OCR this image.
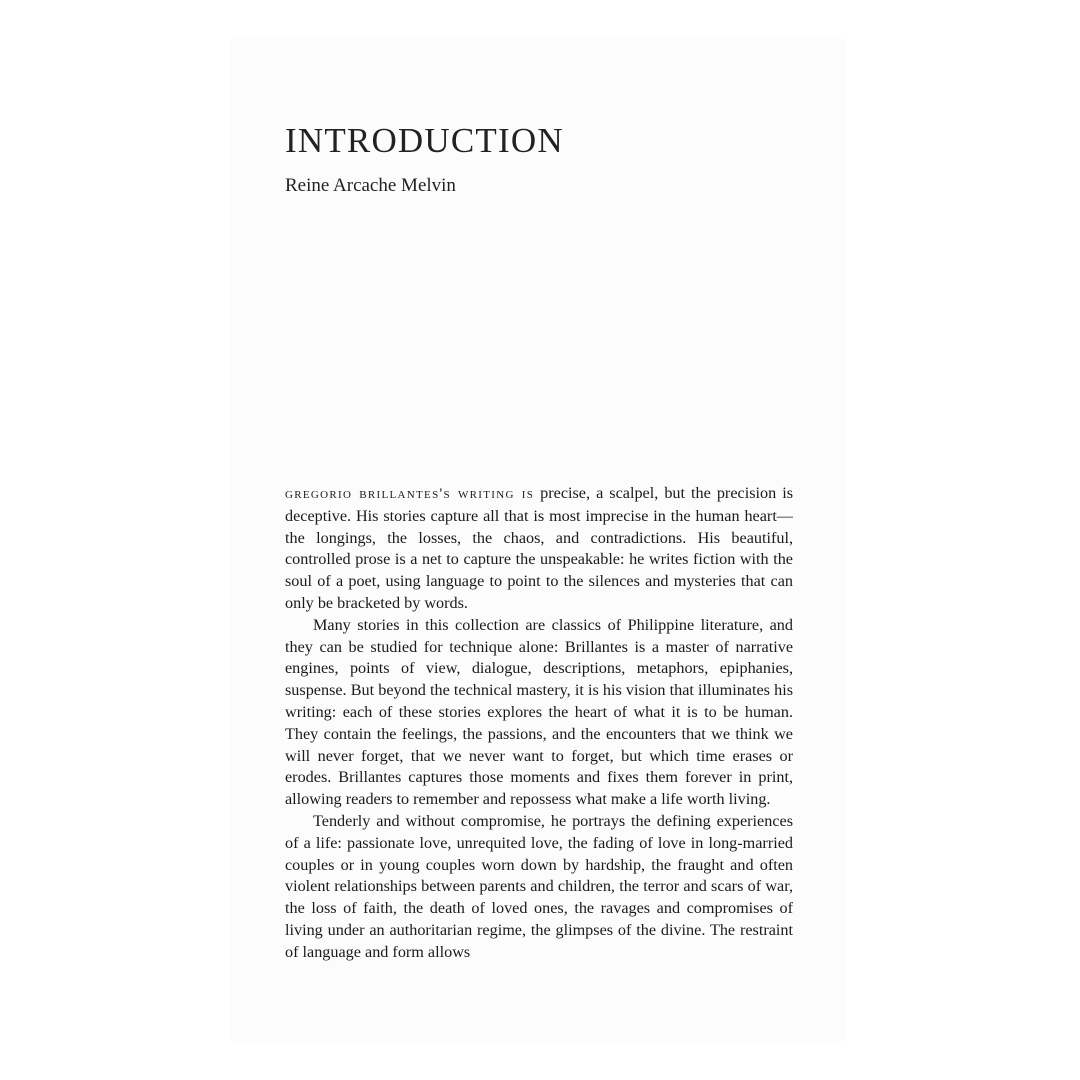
INTRODUCTION
Reine Arcache Melvin

gregorio brillantes's writing is precise, a scalpel, but the precision is deceptive. His stories capture all that is most imprecise in the human heart—the longings, the losses, the chaos, and contradictions. His beautiful, controlled prose is a net to capture the unspeakable: he writes fiction with the soul of a poet, using language to point to the silences and mysteries that can only be bracketed by words.

Many stories in this collection are classics of Philippine literature, and they can be studied for technique alone: Brillantes is a master of narrative engines, points of view, dialogue, descriptions, metaphors, epiphanies, suspense. But beyond the technical mastery, it is his vision that illuminates his writing: each of these stories explores the heart of what it is to be human. They contain the feelings, the passions, and the encounters that we think we will never forget, that we never want to forget, but which time erases or erodes. Brillantes captures those moments and fixes them forever in print, allowing readers to remember and repossess what make a life worth living.

Tenderly and without compromise, he portrays the defining experiences of a life: passionate love, unrequited love, the fading of love in long-married couples or in young couples worn down by hardship, the fraught and often violent relationships between parents and children, the terror and scars of war, the loss of faith, the death of loved ones, the ravages and compromises of living under an authoritarian regime, the glimpses of the divine. The restraint of language and form allows
